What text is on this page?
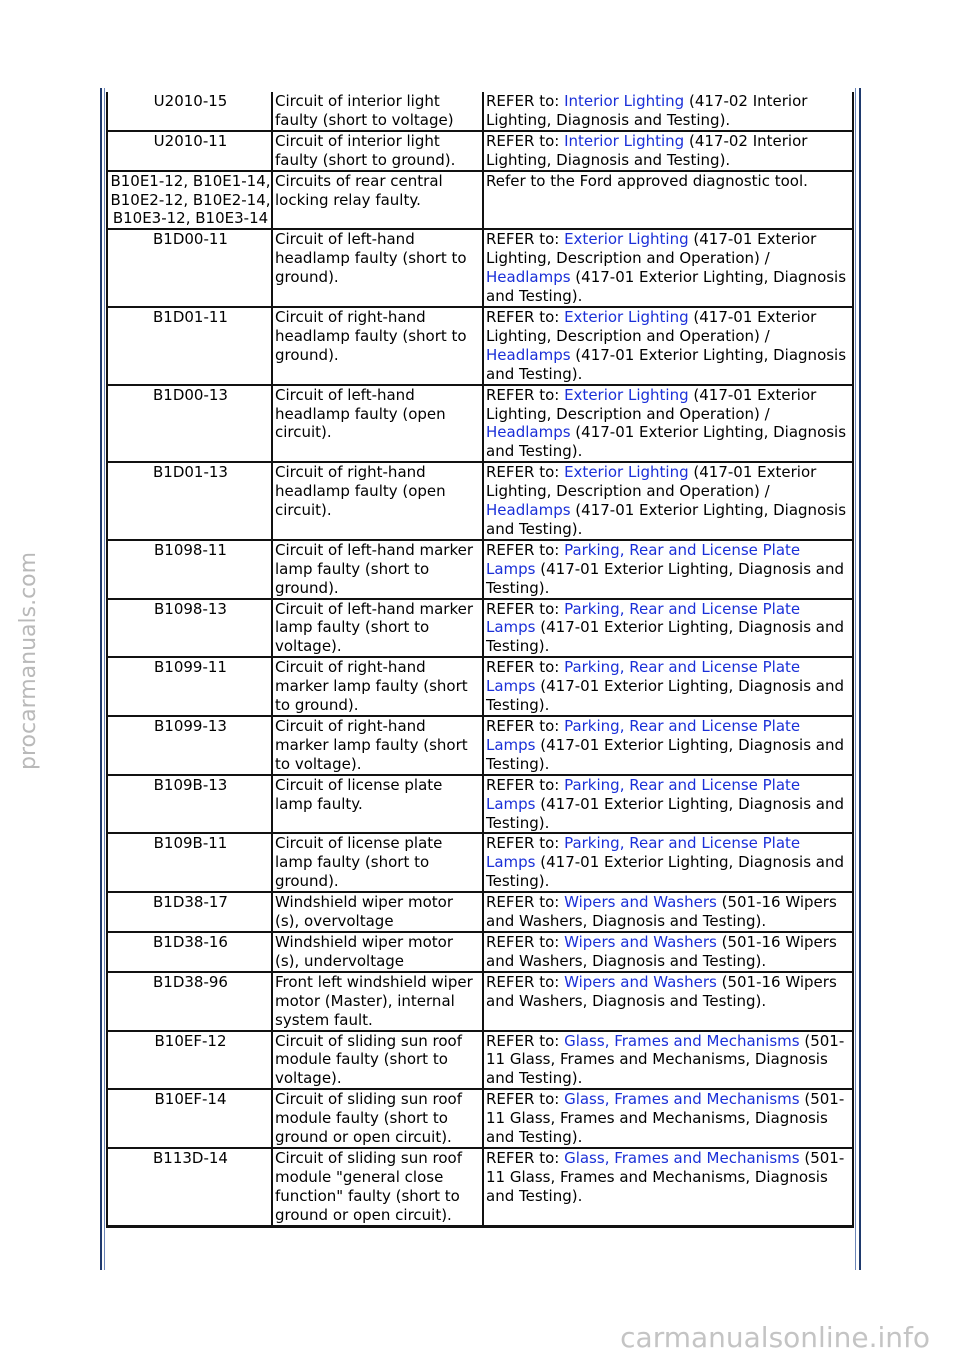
U2010-15	Circuit of interior light faulty (short to voltage)	REFER to: Interior Lighting (417-02 Interior Lighting, Diagnosis and Testing).
U2010-11	Circuit of interior light faulty (short to ground).	REFER to: Interior Lighting (417-02 Interior Lighting, Diagnosis and Testing).
B10E1-12, B10E1-14, B10E2-12, B10E2-14, B10E3-12, B10E3-14	Circuits of rear central locking relay faulty.	Refer to the Ford approved diagnostic tool.
B1D00-11	Circuit of left-hand headlamp faulty (short to ground).	REFER to: Exterior Lighting (417-01 Exterior Lighting, Description and Operation) / Headlamps (417-01 Exterior Lighting, Diagnosis and Testing).
B1D01-11	Circuit of right-hand headlamp faulty (short to ground).	REFER to: Exterior Lighting (417-01 Exterior Lighting, Description and Operation) / Headlamps (417-01 Exterior Lighting, Diagnosis and Testing).
B1D00-13	Circuit of left-hand headlamp faulty (open circuit).	REFER to: Exterior Lighting (417-01 Exterior Lighting, Description and Operation) / Headlamps (417-01 Exterior Lighting, Diagnosis and Testing).
B1D01-13	Circuit of right-hand headlamp faulty (open circuit).	REFER to: Exterior Lighting (417-01 Exterior Lighting, Description and Operation) / Headlamps (417-01 Exterior Lighting, Diagnosis and Testing).
B1098-11	Circuit of left-hand marker lamp faulty (short to ground).	REFER to: Parking, Rear and License Plate Lamps (417-01 Exterior Lighting, Diagnosis and Testing).
B1098-13	Circuit of left-hand marker lamp faulty (short to voltage).	REFER to: Parking, Rear and License Plate Lamps (417-01 Exterior Lighting, Diagnosis and Testing).
B1099-11	Circuit of right-hand marker lamp faulty (short to ground).	REFER to: Parking, Rear and License Plate Lamps (417-01 Exterior Lighting, Diagnosis and Testing).
B1099-13	Circuit of right-hand marker lamp faulty (short to voltage).	REFER to: Parking, Rear and License Plate Lamps (417-01 Exterior Lighting, Diagnosis and Testing).
B109B-13	Circuit of license plate lamp faulty.	REFER to: Parking, Rear and License Plate Lamps (417-01 Exterior Lighting, Diagnosis and Testing).
B109B-11	Circuit of license plate lamp faulty (short to ground).	REFER to: Parking, Rear and License Plate Lamps (417-01 Exterior Lighting, Diagnosis and Testing).
B1D38-17	Windshield wiper motor (s), overvoltage	REFER to: Wipers and Washers (501-16 Wipers and Washers, Diagnosis and Testing).
B1D38-16	Windshield wiper motor (s), undervoltage	REFER to: Wipers and Washers (501-16 Wipers and Washers, Diagnosis and Testing).
B1D38-96	Front left windshield wiper motor (Master), internal system fault.	REFER to: Wipers and Washers (501-16 Wipers and Washers, Diagnosis and Testing).
B10EF-12	Circuit of sliding sun roof module faulty (short to voltage).	REFER to: Glass, Frames and Mechanisms (501-11 Glass, Frames and Mechanisms, Diagnosis and Testing).
B10EF-14	Circuit of sliding sun roof module faulty (short to ground or open circuit).	REFER to: Glass, Frames and Mechanisms (501-11 Glass, Frames and Mechanisms, Diagnosis and Testing).
B113D-14	Circuit of sliding sun roof module "general close function" faulty (short to ground or open circuit).	REFER to: Glass, Frames and Mechanisms (501-11 Glass, Frames and Mechanisms, Diagnosis and Testing).
procarmanuals.com
carmanualsonline.info
